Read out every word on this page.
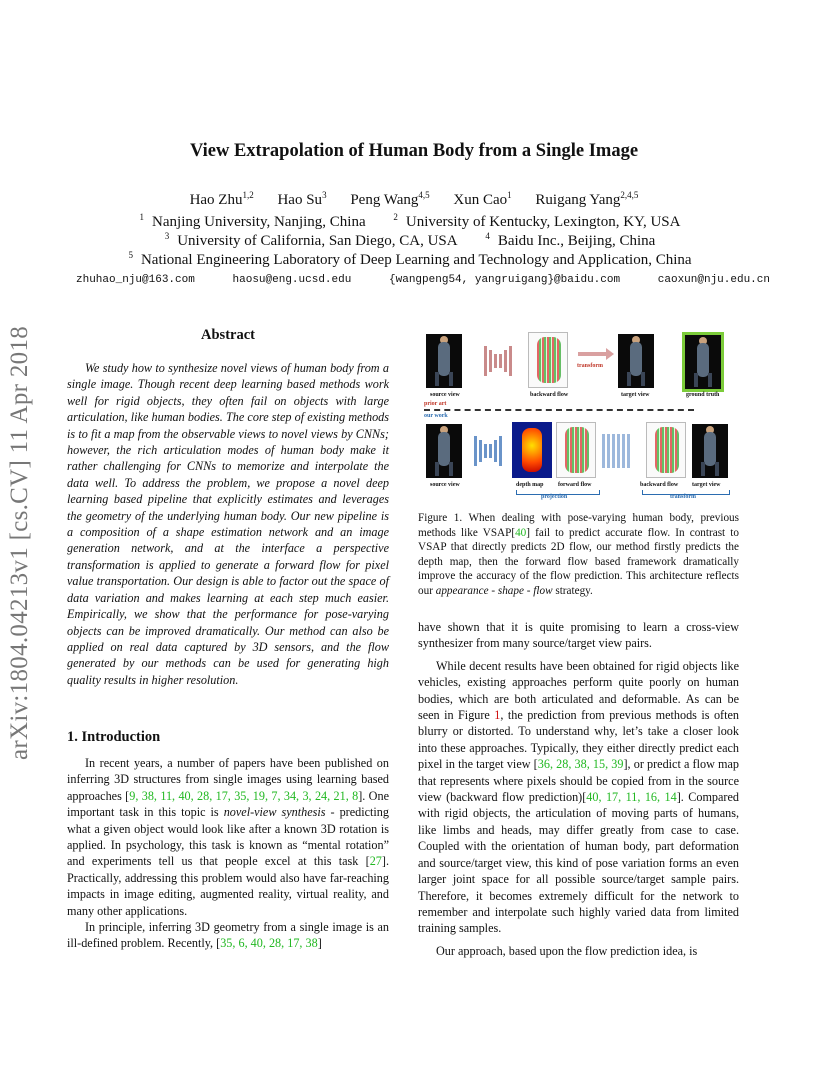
arXiv:1804.04213v1 [cs.CV] 11 Apr 2018
View Extrapolation of Human Body from a Single Image
Hao Zhu$^{1,2}$ Hao Su$^3$ Peng Wang$^{4,5}$ Xun Cao$^1$ Ruigang Yang$^{2,4,5}$
$^1$ Nanjing University, Nanjing, China	$^2$ University of Kentucky, Lexington, KY, USA
$^3$ University of California, San Diego, CA, USA	$^4$ Baidu Inc., Beijing, China
$^5$ National Engineering Laboratory of Deep Learning and Technology and Application, China
zhuhao_nju@163.com	haosu@eng.ucsd.edu	{wangpeng54, yangruigang}@baidu.com	caoxun@nju.edu.cn
Abstract

We study how to synthesize novel views of human body from a single image. Though recent deep learning based methods work well for rigid objects, they often fail on objects with large articulation, like human bodies. The core step of existing methods is to fit a map from the observable views to novel views by CNNs; however, the rich articulation modes of human body make it rather challenging for CNNs to memorize and interpolate the data well. To address the problem, we propose a novel deep learning based pipeline that explicitly estimates and leverages the geometry of the underlying human body. Our new pipeline is a composition of a shape estimation network and an image generation network, and at the interface a perspective transformation is applied to generate a forward flow for pixel value transportation. Our design is able to factor out the space of data variation and makes learning at each step much easier. Empirically, we show that the performance for pose-varying objects can be improved dramatically. Our method can also be applied on real data captured by 3D sensors, and the flow generated by our methods can be used for generating high quality results in higher resolution.

1. Introduction

In recent years, a number of papers have been published on inferring 3D structures from single images using learning based approaches [9, 38, 11, 40, 28, 17, 35, 19, 7, 34, 3, 24, 21, 8]. One important task in this topic is novel-view synthesis - predicting what a given object would look like after a known 3D rotation is applied. In psychology, this task is known as “mental rotation” and experiments tell us that people excel at this task [27]. Practically, addressing this problem would also have far-reaching impacts in image editing, augmented reality, virtual reality, and many other applications.

In principle, inferring 3D geometry from a single image is an ill-defined problem. Recently, [35, 6, 40, 28, 17, 38]

transform
source view	backward flow	target view	ground truth
prior art
our work
source view	depth map forward flow	backward flow target view
projection	transform
Figure 1. When dealing with pose-varying human body, previous methods like VSAP[40] fail to predict accurate flow. In contrast to VSAP that directly predicts 2D flow, our method firstly predicts the depth map, then the forward flow based framework dramatically improve the accuracy of the flow prediction. This architecture reflects our appearance - shape - flow strategy.

have shown that it is quite promising to learn a cross-view synthesizer from many source/target view pairs.

While decent results have been obtained for rigid objects like vehicles, existing approaches perform quite poorly on human bodies, which are both articulated and deformable. As can be seen in Figure 1, the prediction from previous methods is often blurry or distorted. To understand why, let’s take a closer look into these approaches. Typically, they either directly predict each pixel in the target view [36, 28, 38, 15, 39], or predict a flow map that represents where pixels should be copied from in the source view (backward flow prediction)[40, 17, 11, 16, 14]. Compared with rigid objects, the articulation of moving parts of humans, like limbs and heads, may differ greatly from case to case. Coupled with the orientation of human body, part deformation and source/target view, this kind of pose variation forms an even larger joint space for all possible source/target sample pairs. Therefore, it becomes extremely difficult for the network to remember and interpolate such highly varied data from limited training samples.

Our approach, based upon the flow prediction idea, is
